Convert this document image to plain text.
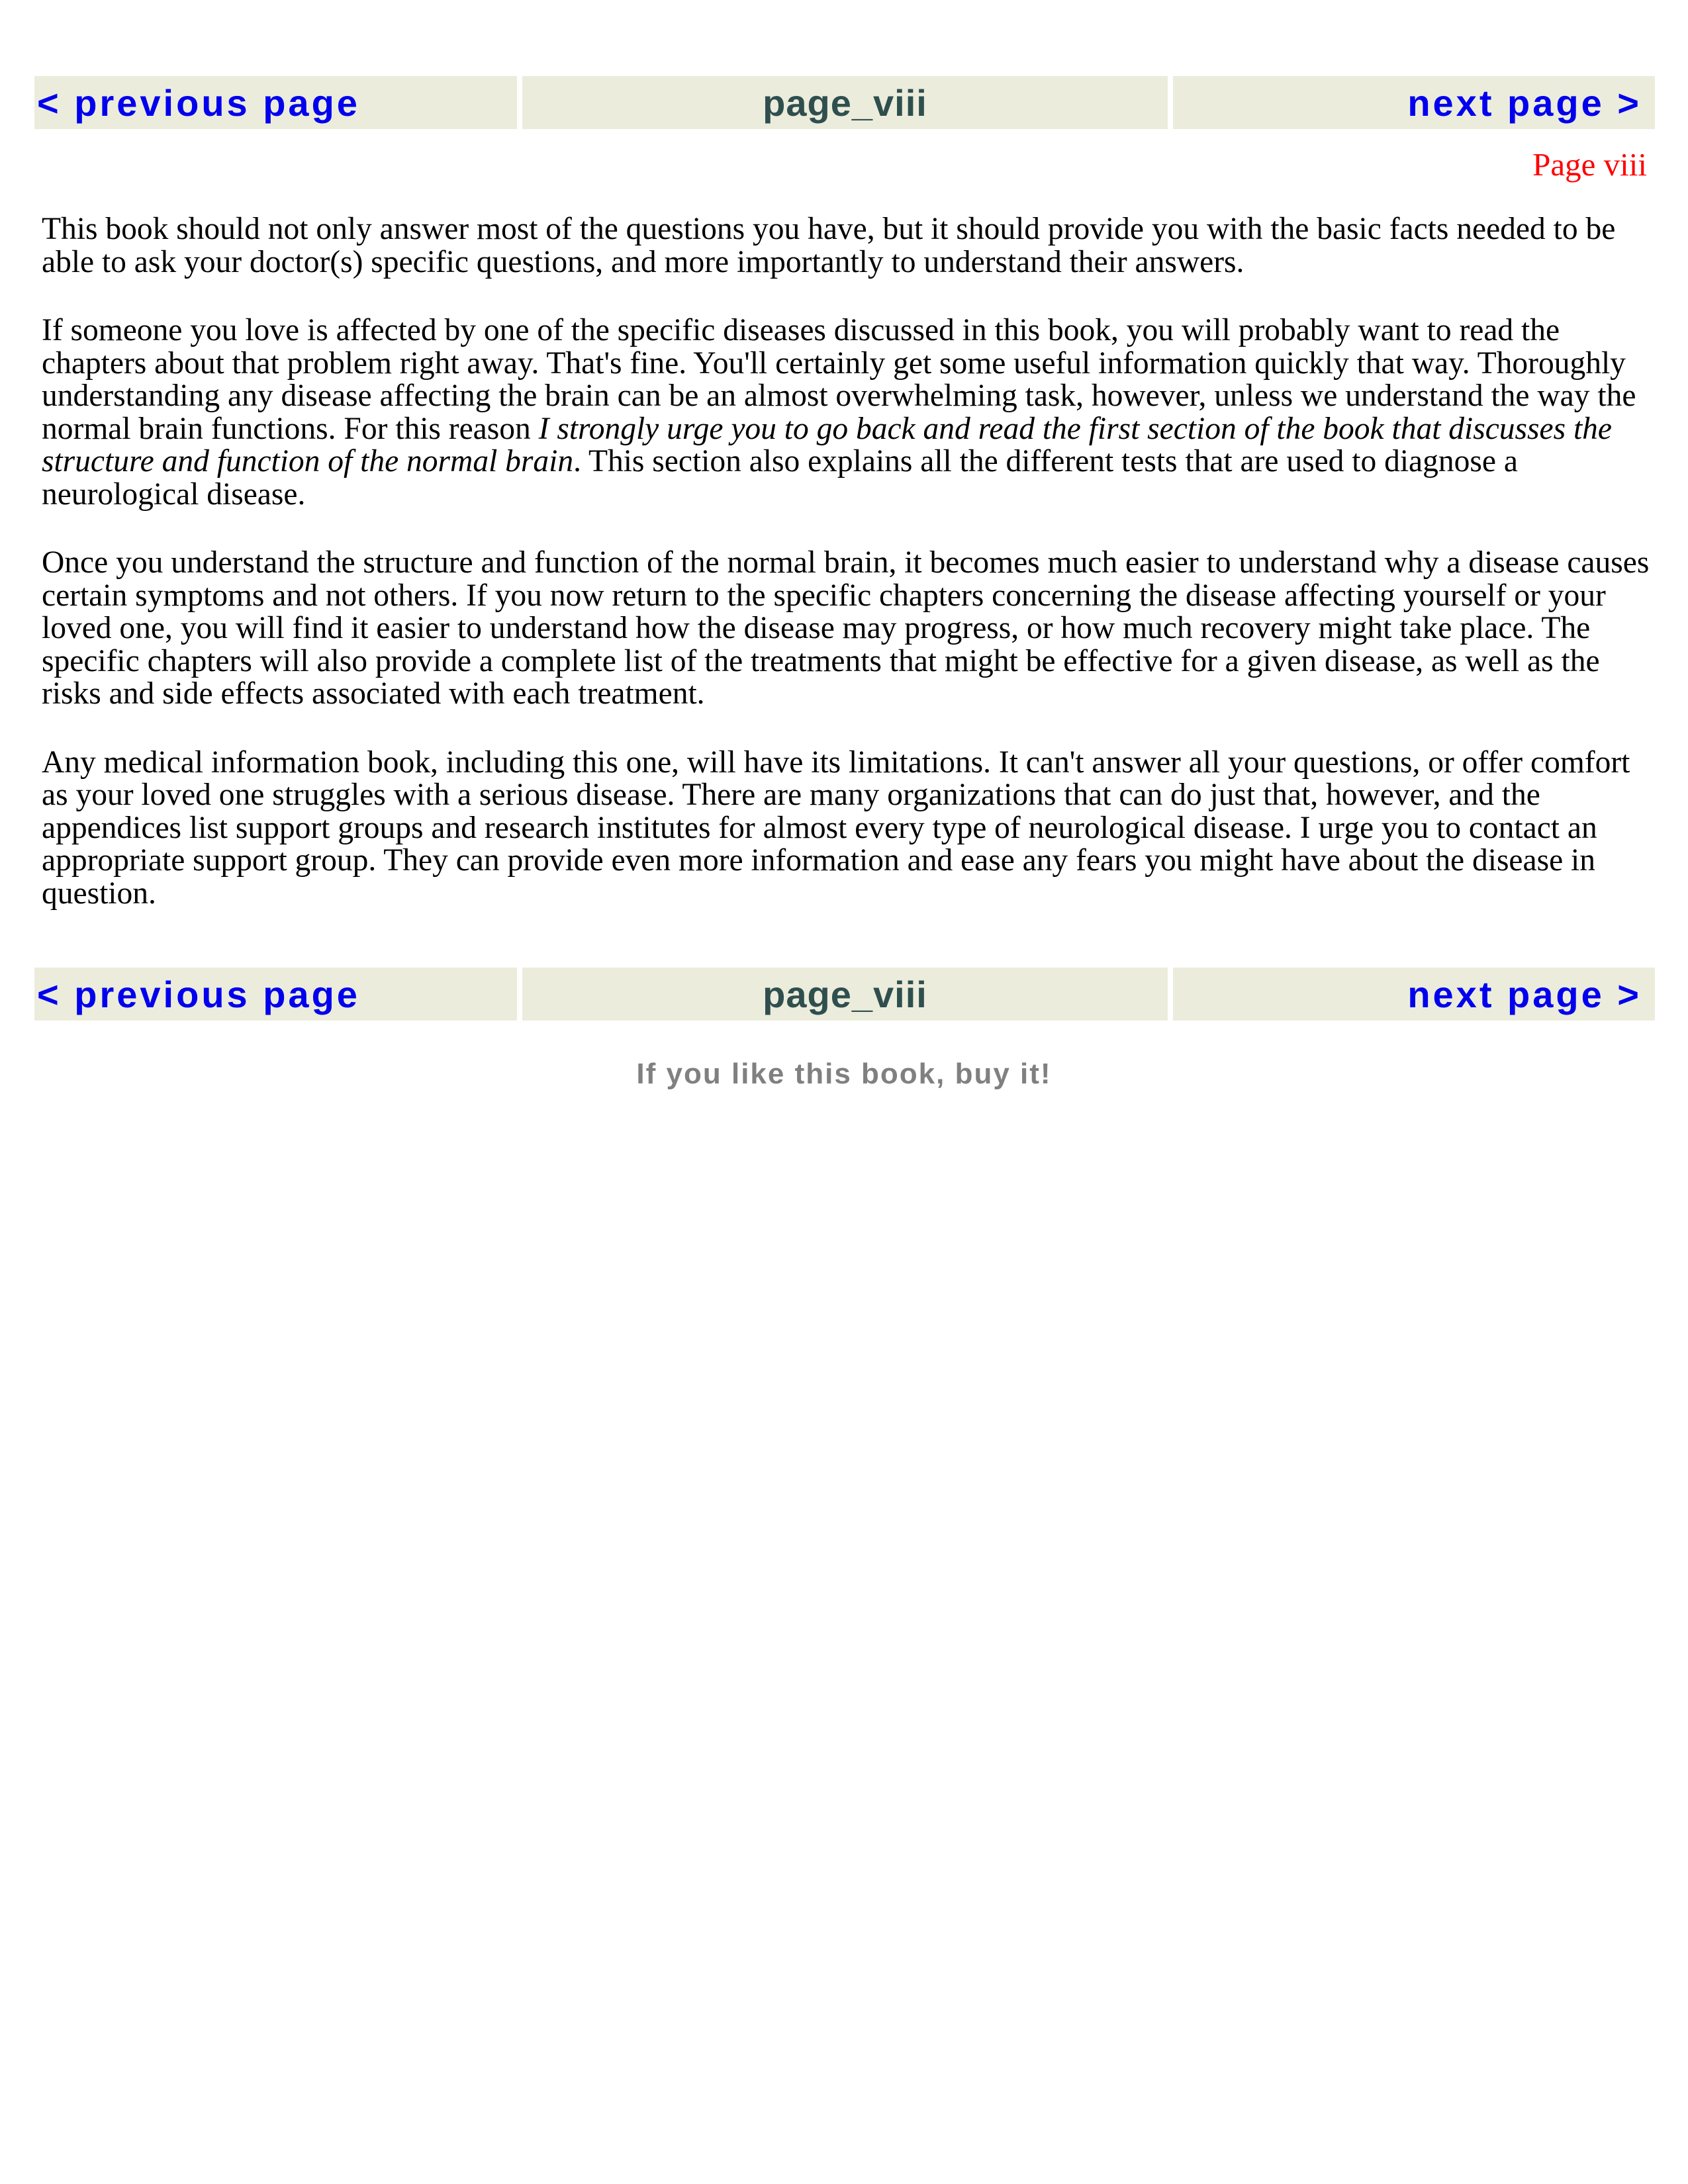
< previous page	page_viii	next page >
Page viii

This book should not only answer most of the questions you have, but it should provide you with the basic facts needed to be able to ask your doctor(s) specific questions, and more importantly to understand their answers.

If someone you love is affected by one of the specific diseases discussed in this book, you will probably want to read the chapters about that problem right away. That's fine. You'll certainly get some useful information quickly that way. Thoroughly understanding any disease affecting the brain can be an almost overwhelming task, however, unless we understand the way the normal brain functions. For this reason I strongly urge you to go back and read the first section of the book that discusses the structure and function of the normal brain. This section also explains all the different tests that are used to diagnose a neurological disease.

Once you understand the structure and function of the normal brain, it becomes much easier to understand why a disease causes certain symptoms and not others. If you now return to the specific chapters concerning the disease affecting yourself or your loved one, you will find it easier to understand how the disease may progress, or how much recovery might take place. The specific chapters will also provide a complete list of the treatments that might be effective for a given disease, as well as the risks and side effects associated with each treatment.

Any medical information book, including this one, will have its limitations. It can't answer all your questions, or offer comfort as your loved one struggles with a serious disease. There are many organizations that can do just that, however, and the appendices list support groups and research institutes for almost every type of neurological disease. I urge you to contact an appropriate support group. They can provide even more information and ease any fears you might have about the disease in question.

< previous page	page_viii	next page >
If you like this book, buy it!
